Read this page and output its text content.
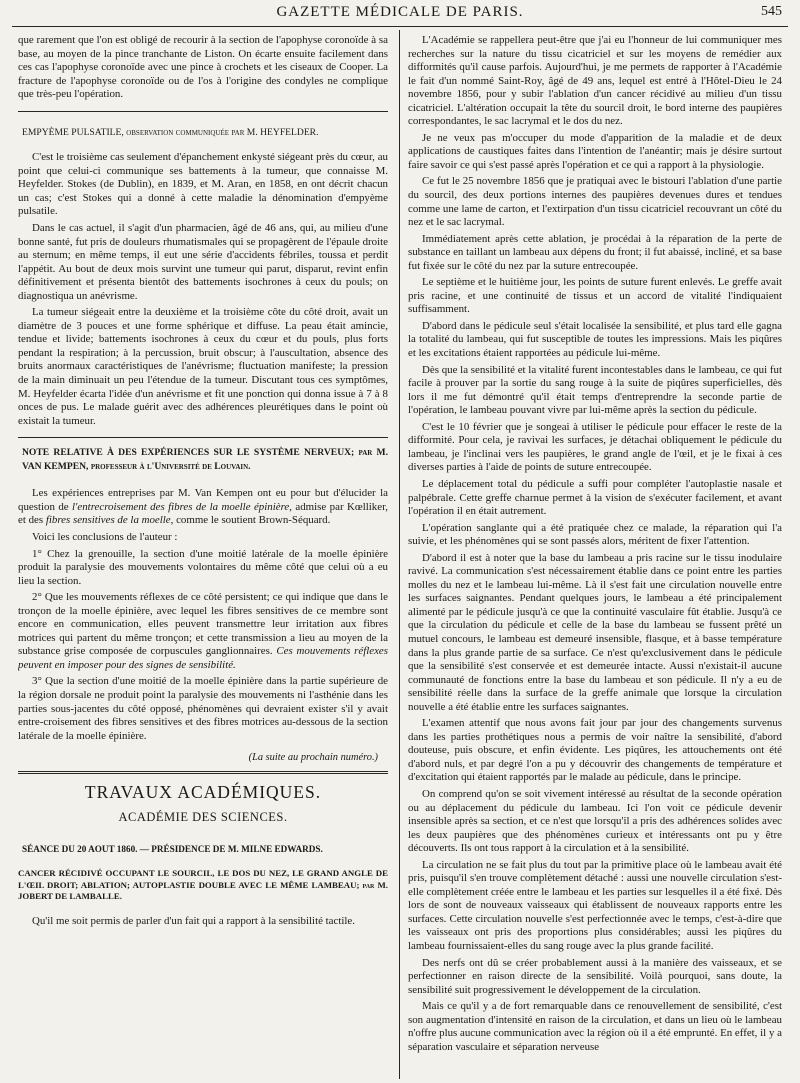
GAZETTE MÉDICALE DE PARIS.	545

que rarement que l'on est obligé de recourir à la section de l'apophyse coronoïde à sa base, au moyen de la pince tranchante de Liston. On écarte ensuite facilement dans ces cas l'apophyse coronoïde avec une pince à crochets et les ciseaux de Cooper. La fracture de l'apophyse coronoïde ou de l'os à l'origine des condyles ne complique que très-peu l'opération.

EMPYÈME PULSATILE, observation communiquée par M. HEYFELDER.

C'est le troisième cas seulement d'épanchement enkysté siégeant près du cœur, au point que celui-ci communique ses battements à la tumeur, que connaisse M. Heyfelder. Stokes (de Dublin), en 1839, et M. Aran, en 1858, en ont décrit chacun un cas; c'est Stokes qui a donné à cette maladie la dénomination d'empyème pulsatile.

Dans le cas actuel, il s'agit d'un pharmacien, âgé de 46 ans, qui, au milieu d'une bonne santé, fut pris de douleurs rhumatismales qui se propagèrent de l'épaule droite au sternum; en même temps, il eut une série d'accidents fébriles, toussa et perdit l'appétit. Au bout de deux mois survint une tumeur qui parut, disparut, revint enfin définitivement et présenta bientôt des battements isochrones à ceux du pouls; on diagnostiqua un anévrisme.

La tumeur siégeait entre la deuxième et la troisième côte du côté droit, avait un diamètre de 3 pouces et une forme sphérique et diffuse. La peau était amincie, tendue et livide; battements isochrones à ceux du cœur et du pouls, plus forts pendant la respiration; à la percussion, bruit obscur; à l'auscultation, absence des bruits anormaux caractéristiques de l'anévrisme; fluctuation manifeste; la pression de la main diminuait un peu l'étendue de la tumeur. Discutant tous ces symptômes, M. Heyfelder écarta l'idée d'un anévrisme et fit une ponction qui donna issue à 7 à 8 onces de pus. Le malade guérit avec des adhérences pleurétiques dans le point où existait la tumeur.

NOTE RELATIVE À DES EXPÉRIENCES SUR LE SYSTÈME NERVEUX; par M. VAN KEMPEN, professeur à l'Université de Louvain.

Les expériences entreprises par M. Van Kempen ont eu pour but d'élucider la question de l'entrecroisement des fibres de la moelle épinière, admise par Kœlliker, et des fibres sensitives de la moelle, comme le soutient Brown-Séquard.

Voici les conclusions de l'auteur :

1° Chez la grenouille, la section d'une moitié latérale de la moelle épinière produit la paralysie des mouvements volontaires du même côté que celui où a eu lieu la section.

2° Que les mouvements réflexes de ce côté persistent; ce qui indique que dans le tronçon de la moelle épinière, avec lequel les fibres sensitives de ce membre sont encore en communication, elles peuvent transmettre leur irritation aux fibres motrices qui partent du même tronçon; et cette transmission a lieu au moyen de la substance grise composée de corpuscules ganglionnaires. Ces mouvements réflexes peuvent en imposer pour des signes de sensibilité.

3° Que la section d'une moitié de la moelle épinière dans la partie supérieure de la région dorsale ne produit point la paralysie des mouvements ni l'asthénie dans les parties sous-jacentes du côté opposé, phénomènes qui devraient exister s'il y avait entre-croisement des fibres sensitives et des fibres motrices au-dessous de la section latérale de la moelle épinière.

(La suite au prochain numéro.)

TRAVAUX ACADÉMIQUES.

ACADÉMIE DES SCIENCES.

SÉANCE DU 20 AOUT 1860. — PRÉSIDENCE DE M. MILNE EDWARDS.

CANCER RÉCIDIVÉ OCCUPANT LE SOURCIL, LE DOS DU NEZ, LE GRAND ANGLE DE L'ŒIL DROIT; ABLATION; AUTOPLASTIE DOUBLE AVEC LE MÊME LAMBEAU; par M. JOBERT DE LAMBALLE.

Qu'il me soit permis de parler d'un fait qui a rapport à la sensibilité tactile.

L'Académie se rappellera peut-être que j'ai eu l'honneur de lui communiquer mes recherches sur la nature du tissu cicatriciel et sur les moyens de remédier aux difformités qu'il cause parfois. Aujourd'hui, je me permets de rapporter à l'Académie le fait d'un nommé Saint-Roy, âgé de 49 ans, lequel est entré à l'Hôtel-Dieu le 24 novembre 1856, pour y subir l'ablation d'un cancer récidivé au milieu d'un tissu cicatriciel. L'altération occupait la tête du sourcil droit, le bord interne des paupières correspondantes, le sac lacrymal et le dos du nez.

Je ne veux pas m'occuper du mode d'apparition de la maladie et de deux applications de caustiques faites dans l'intention de l'anéantir; mais je désire surtout faire savoir ce qui s'est passé après l'opération et ce qui a rapport à la physiologie.

Ce fut le 25 novembre 1856 que je pratiquai avec le bistouri l'ablation d'une partie du sourcil, des deux portions internes des paupières devenues dures et tendues comme une lame de carton, et l'extirpation d'un tissu cicatriciel recouvrant un côté du nez et le sac lacrymal.

Immédiatement après cette ablation, je procédai à la réparation de la perte de substance en taillant un lambeau aux dépens du front; il fut abaissé, incliné, et sa base fut fixée sur le côté du nez par la suture entrecoupée.

Le septième et le huitième jour, les points de suture furent enlevés. Le greffe avait pris racine, et une continuité de tissus et un accord de vitalité l'indiquaient suffisamment.

D'abord dans le pédicule seul s'était localisée la sensibilité, et plus tard elle gagna la totalité du lambeau, qui fut susceptible de toutes les impressions. Mais les piqûres et les excitations étaient rapportées au pédicule lui-même.

Dès que la sensibilité et la vitalité furent incontestables dans le lambeau, ce qui fut facile à prouver par la sortie du sang rouge à la suite de piqûres superficielles, dès lors il me fut démontré qu'il était temps d'entreprendre la seconde partie de l'opération, le lambeau pouvant vivre par lui-même après la section du pédicule.

C'est le 10 février que je songeai à utiliser le pédicule pour effacer le reste de la difformité. Pour cela, je ravivai les surfaces, je détachai obliquement le pédicule du lambeau, je l'inclinai vers les paupières, le grand angle de l'œil, et je le fixai à ces diverses parties à l'aide de points de suture entrecoupée.

Le déplacement total du pédicule a suffi pour compléter l'autoplastie nasale et palpébrale. Cette greffe charnue permet à la vision de s'exécuter facilement, et avant l'opération il en était autrement.

L'opération sanglante qui a été pratiquée chez ce malade, la réparation qui l'a suivie, et les phénomènes qui se sont passés alors, méritent de fixer l'attention.

D'abord il est à noter que la base du lambeau a pris racine sur le tissu inodulaire ravivé. La communication s'est nécessairement établie dans ce point entre les parties molles du nez et le lambeau lui-même. Là il s'est fait une circulation nouvelle entre les surfaces saignantes. Pendant quelques jours, le lambeau a été principalement alimenté par le pédicule jusqu'à ce que la continuité vasculaire fût établie. Jusqu'à ce que la circulation du pédicule et celle de la base du lambeau se fussent prêté un mutuel concours, le lambeau est demeuré insensible, flasque, et à basse température dans la plus grande partie de sa surface. Ce n'est qu'exclusivement dans le pédicule que la sensibilité s'est conservée et est demeurée intacte. Aussi n'existait-il aucune communauté de fonctions entre la base du lambeau et son pédicule. Il n'y a eu de sensibilité réelle dans la surface de la greffe animale que lorsque la circulation nouvelle a été établie entre les surfaces saignantes.

L'examen attentif que nous avons fait jour par jour des changements survenus dans les parties prothétiques nous a permis de voir naître la sensibilité, d'abord douteuse, puis obscure, et enfin évidente. Les piqûres, les attouchements ont été d'abord nuls, et par degré l'on a pu y découvrir des changements de température et d'excitation qui étaient rapportés par le malade au pédicule, dans le principe.

On comprend qu'on se soit vivement intéressé au résultat de la seconde opération ou au déplacement du pédicule du lambeau. Ici l'on voit ce pédicule devenir insensible après sa section, et ce n'est que lorsqu'il a pris des adhérences solides avec les deux paupières que des phénomènes curieux et intéressants ont pu y être découverts. Ils ont tous rapport à la circulation et à la sensibilité.

La circulation ne se fait plus du tout par la primitive place où le lambeau avait été pris, puisqu'il s'en trouve complètement détaché : aussi une nouvelle circulation s'est-elle complètement créée entre le lambeau et les parties sur lesquelles il a été fixé. Dès lors de sont de nouveaux vaisseaux qui établissent de nouveaux rapports entre les surfaces. Cette circulation nouvelle s'est perfectionnée avec le temps, c'est-à-dire que les vaisseaux ont pris des proportions plus considérables; aussi les piqûres du lambeau fournissaient-elles du sang rouge avec la plus grande facilité.

Des nerfs ont dû se créer probablement aussi à la manière des vaisseaux, et se perfectionner en raison directe de la sensibilité. Voilà pourquoi, sans doute, la sensibilité suit progressivement le développement de la circulation.

Mais ce qu'il y a de fort remarquable dans ce renouvellement de sensibilité, c'est son augmentation d'intensité en raison de la circulation, et dans un lieu où le lambeau n'offre plus aucune communication avec la région où il a été emprunté. En effet, il y a séparation vasculaire et séparation nerveuse
